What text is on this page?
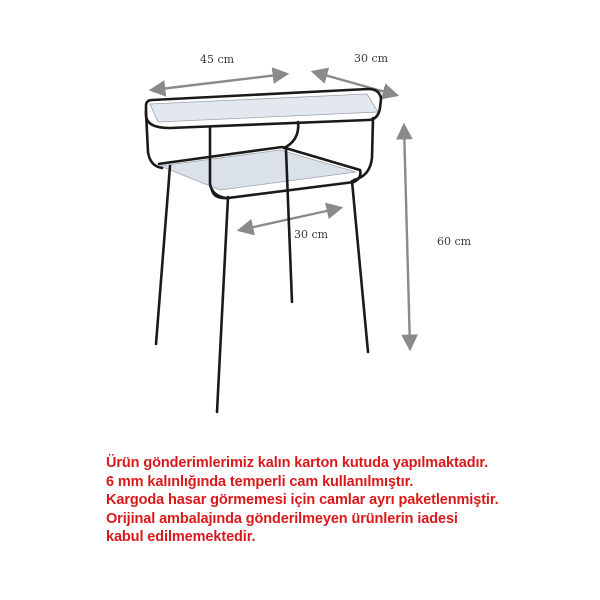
45 cm	30 cm
30 cm
60 cm
Ürün gönderimlerimiz kalın karton kutuda yapılmaktadır.
6 mm kalınlığında temperli cam kullanılmıştır.
Kargoda hasar görmemesi için camlar ayrı paketlenmiştir.
Orijinal ambalajında gönderilmeyen ürünlerin iadesi
kabul edilmemektedir.
